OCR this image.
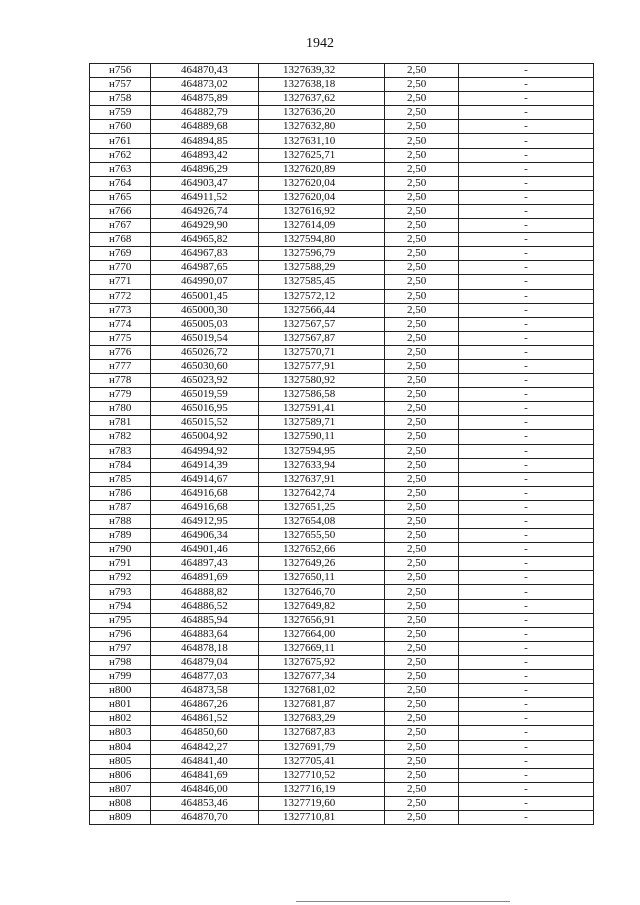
1942
н756	464870,43	1327639,32	2,50	-
н757	464873,02	1327638,18	2,50	-
н758	464875,89	1327637,62	2,50	-
н759	464882,79	1327636,20	2,50	-
н760	464889,68	1327632,80	2,50	-
н761	464894,85	1327631,10	2,50	-
н762	464893,42	1327625,71	2,50	-
н763	464896,29	1327620,89	2,50	-
н764	464903,47	1327620,04	2,50	-
н765	464911,52	1327620,04	2,50	-
н766	464926,74	1327616,92	2,50	-
н767	464929,90	1327614,09	2,50	-
н768	464965,82	1327594,80	2,50	-
н769	464967,83	1327596,79	2,50	-
н770	464987,65	1327588,29	2,50	-
н771	464990,07	1327585,45	2,50	-
н772	465001,45	1327572,12	2,50	-
н773	465000,30	1327566,44	2,50	-
н774	465005,03	1327567,57	2,50	-
н775	465019,54	1327567,87	2,50	-
н776	465026,72	1327570,71	2,50	-
н777	465030,60	1327577,91	2,50	-
н778	465023,92	1327580,92	2,50	-
н779	465019,59	1327586,58	2,50	-
н780	465016,95	1327591,41	2,50	-
н781	465015,52	1327589,71	2,50	-
н782	465004,92	1327590,11	2,50	-
н783	464994,92	1327594,95	2,50	-
н784	464914,39	1327633,94	2,50	-
н785	464914,67	1327637,91	2,50	-
н786	464916,68	1327642,74	2,50	-
н787	464916,68	1327651,25	2,50	-
н788	464912,95	1327654,08	2,50	-
н789	464906,34	1327655,50	2,50	-
н790	464901,46	1327652,66	2,50	-
н791	464897,43	1327649,26	2,50	-
н792	464891,69	1327650,11	2,50	-
н793	464888,82	1327646,70	2,50	-
н794	464886,52	1327649,82	2,50	-
н795	464885,94	1327656,91	2,50	-
н796	464883,64	1327664,00	2,50	-
н797	464878,18	1327669,11	2,50	-
н798	464879,04	1327675,92	2,50	-
н799	464877,03	1327677,34	2,50	-
н800	464873,58	1327681,02	2,50	-
н801	464867,26	1327681,87	2,50	-
н802	464861,52	1327683,29	2,50	-
н803	464850,60	1327687,83	2,50	-
н804	464842,27	1327691,79	2,50	-
н805	464841,40	1327705,41	2,50	-
н806	464841,69	1327710,52	2,50	-
н807	464846,00	1327716,19	2,50	-
н808	464853,46	1327719,60	2,50	-
н809	464870,70	1327710,81	2,50	-
